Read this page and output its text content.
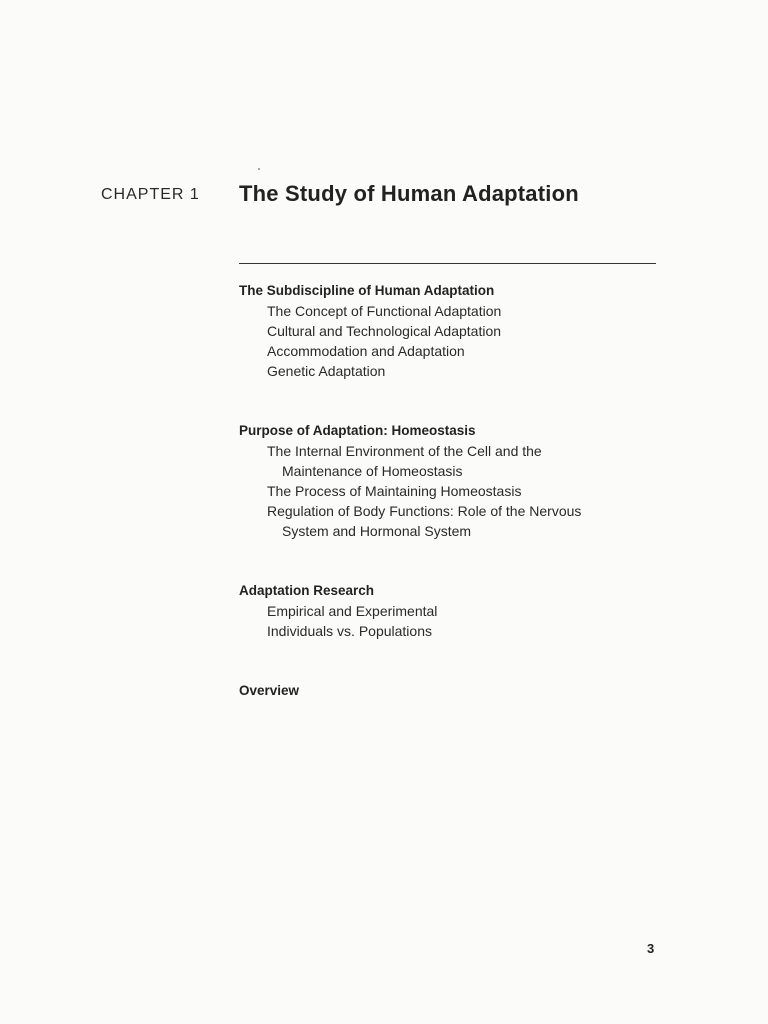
CHAPTER 1 The Study of Human Adaptation
The Subdiscipline of Human Adaptation
The Concept of Functional Adaptation
Cultural and Technological Adaptation
Accommodation and Adaptation
Genetic Adaptation
Purpose of Adaptation: Homeostasis
The Internal Environment of the Cell and the
Maintenance of Homeostasis
The Process of Maintaining Homeostasis
Regulation of Body Functions: Role of the Nervous
System and Hormonal System
Adaptation Research
Empirical and Experimental
Individuals vs. Populations
Overview
3
